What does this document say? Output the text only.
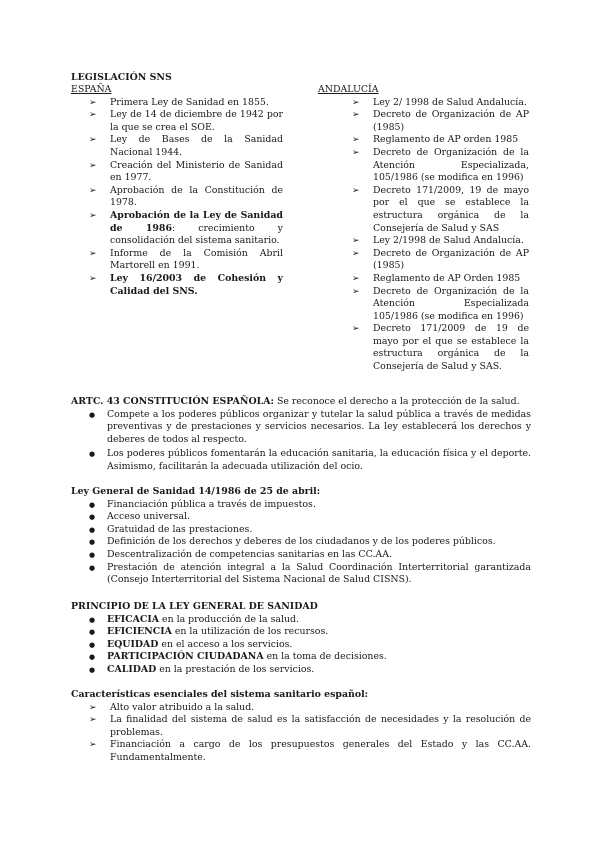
LEGISLACIÓN SNS
ESPAÑA
➢ Primera Ley de Sanidad en 1855.
➢ Ley de 14 de diciembre de 1942 por la que se crea el SOE.
➢ Ley de Bases de la Sanidad Nacional 1944.
➢ Creación del Ministerio de Sanidad en 1977.
➢ Aprobación de la Constitución de 1978.
➢ Aprobación de la Ley de Sanidad de 1986: crecimiento y consolidación del sistema sanitario.
➢ Informe de la Comisión Abril Martorell en 1991.
➢ Ley 16/2003 de Cohesión y Calidad del SNS.
ANDALUCÍA
➢ Ley 2/ 1998 de Salud Andalucía.
➢ Decreto de Organización de AP (1985)
➢ Reglamento de AP orden 1985
➢ Decreto de Organización de la Atención Especializada, 105/1986 (se modifica en 1996)
➢ Decreto 171/2009, 19 de mayo por el que se establece la estructura orgánica de la Consejería de Salud y SAS
➢ Ley 2/1998 de Salud Andalucía.
➢ Decreto de Organización de AP (1985)
➢ Reglamento de AP Orden 1985
➢ Decreto de Organización de la Atención Especializada 105/1986 (se modifica en 1996)
➢ Decreto 171/2009 de 19 de mayo por el que se establece la estructura orgánica de la Consejería de Salud y SAS.
ARTC. 43 CONSTITUCIÓN ESPAÑOLA: Se reconoce el derecho a la protección de la salud.
● Compete a los poderes públicos organizar y tutelar la salud pública a través de medidas preventivas y de prestaciones y servicios necesarios. La ley establecerá los derechos y deberes de todos al respecto.
● Los poderes públicos fomentarán la educación sanitaria, la educación física y el deporte. Asimismo, facilitarán la adecuada utilización del ocio.
Ley General de Sanidad 14/1986 de 25 de abril:
● Financiación pública a través de impuestos.
● Acceso universal.
● Gratuidad de las prestaciones.
● Definición de los derechos y deberes de los ciudadanos y de los poderes públicos.
● Descentralización de competencias sanitarias en las CC.AA.
● Prestación de atención integral a la Salud Coordinación Interterritorial garantizada (Consejo Interterritorial del Sistema Nacional de Salud CISNS).
PRINCIPIO DE LA LEY GENERAL DE SANIDAD
● EFICACIA en la producción de la salud.
● EFICIENCIA en la utilización de los recursos.
● EQUIDAD en el acceso a los servicios.
● PARTICIPACIÓN CIUDADANA en la toma de decisiones.
● CALIDAD en la prestación de los servicios.
Características esenciales del sistema sanitario español:
➢ Alto valor atribuido a la salud.
➢ La finalidad del sistema de salud es la satisfacción de necesidades y la resolución de problemas.
➢ Financiación a cargo de los presupuestos generales del Estado y las CC.AA. Fundamentalmente.
